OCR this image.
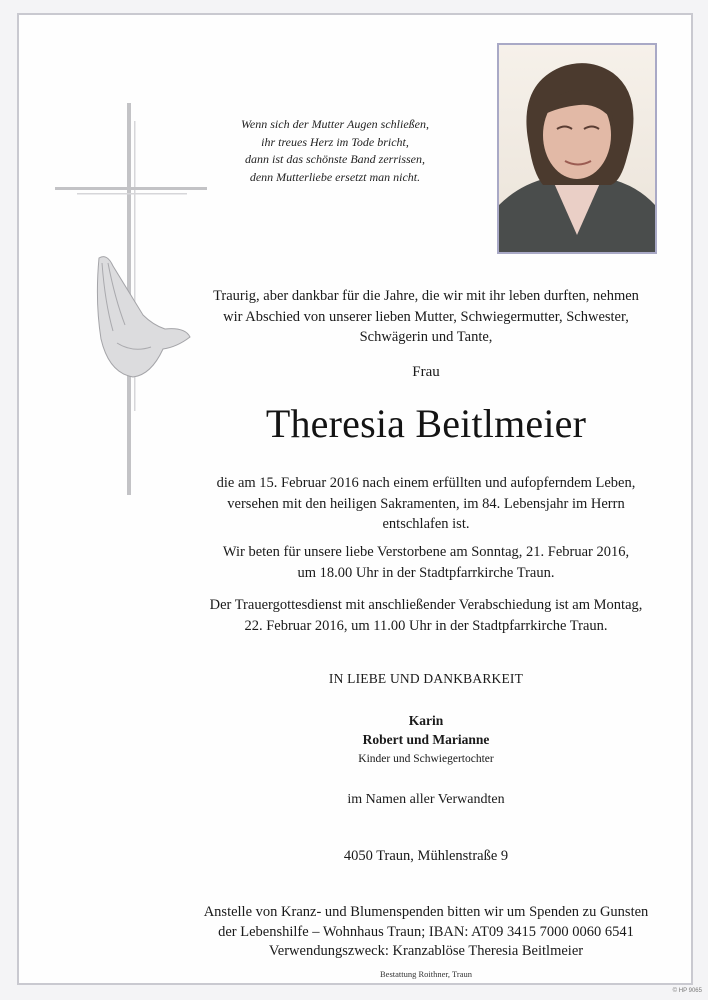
Wenn sich der Mutter Augen schließen,
ihr treues Herz im Tode bricht,
dann ist das schönste Band zerrissen,
denn Mutterliebe ersetzt man nicht.
Traurig, aber dankbar für die Jahre, die wir mit ihr leben durften, nehmen
wir Abschied von unserer lieben Mutter, Schwiegermutter, Schwester,
Schwägerin und Tante,
Frau
Theresia Beitlmeier
die am 15. Februar 2016 nach einem erfüllten und aufopferndem Leben,
versehen mit den heiligen Sakramenten, im 84. Lebensjahr im Herrn
entschlafen ist.
Wir beten für unsere liebe Verstorbene am Sonntag, 21. Februar 2016,
um 18.00 Uhr in der Stadtpfarrkirche Traun.
Der Trauergottesdienst mit anschließender Verabschiedung ist am Montag,
22. Februar 2016, um 11.00 Uhr in der Stadtpfarrkirche Traun.
IN LIEBE UND DANKBARKEIT
Karin
Robert und Marianne
Kinder und Schwiegertochter
im Namen aller Verwandten
4050 Traun, Mühlenstraße 9
Anstelle von Kranz- und Blumenspenden bitten wir um Spenden zu Gunsten
der Lebenshilfe – Wohnhaus Traun; IBAN: AT09 3415 7000 0060 6541
Verwendungszweck: Kranzablöse Theresia Beitlmeier
Bestattung Roithner, Traun
© HP 9065
